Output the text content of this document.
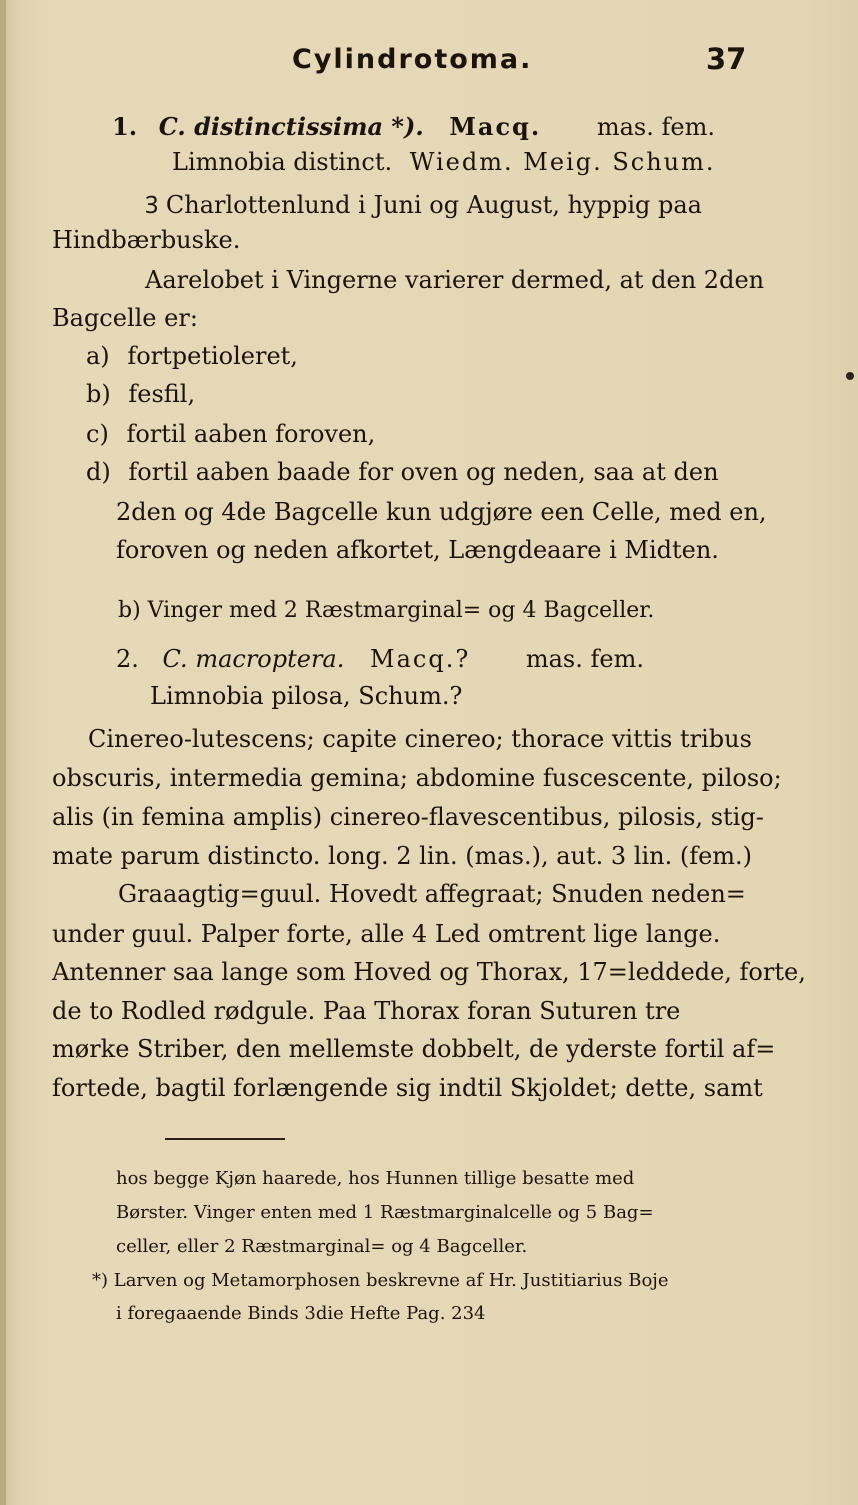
Cylindrotoma.	37
1. C. distinctissima *). Macq. mas. fem.
Limnobia distinct. Wiedm. Meig. Schum.
Ꝫ Charlottenlund i Juni og August, hyppig paa
Hindbærbuske.
Aarelobet i Vingerne varierer dermed, at den 2den
Bagcelle er:
a) fortpetioleret,
b) fesfil,
c) fortil aaben foroven,
d) fortil aaben baade for oven og neden, saa at den
2den og 4de Bagcelle kun udgjøre een Celle, med en,
foroven og neden afkortet, Længdeaare i Midten.
b) Vinger med 2 Ræstmarginal= og 4 Bagceller.
2. C. macroptera. Macq.? mas. fem.
Limnobia pilosa, Schum.?
Cinereo-lutescens; capite cinereo; thorace vittis tribus
obscuris, intermedia gemina; abdomine fuscescente, piloso;
alis (in femina amplis) cinereo-flavescentibus, pilosis, stig-
mate parum distincto. long. 2 lin. (mas.), aut. 3 lin. (fem.)
Graaagtig=guul. Hovedt affegraat; Snuden neden=
under guul. Palper forte, alle 4 Led omtrent lige lange.
Antenner saa lange som Hoved og Thorax, 17=leddede, forte,
de to Rodled rødgule. Paa Thorax foran Suturen tre
mørke Striber, den mellemste dobbelt, de yderste fortil af=
fortede, bagtil forlængende sig indtil Skjoldet; dette, samt
hos begge Kjøn haarede, hos Hunnen tillige besatte med
Børster. Vinger enten med 1 Ræstmarginalcelle og 5 Bag=
celler, eller 2 Ræstmarginal= og 4 Bagceller.
*) Larven og Metamorphosen beskrevne af Hr. Justitiarius Boje
i foregaaende Binds 3die Hefte Pag. 234
